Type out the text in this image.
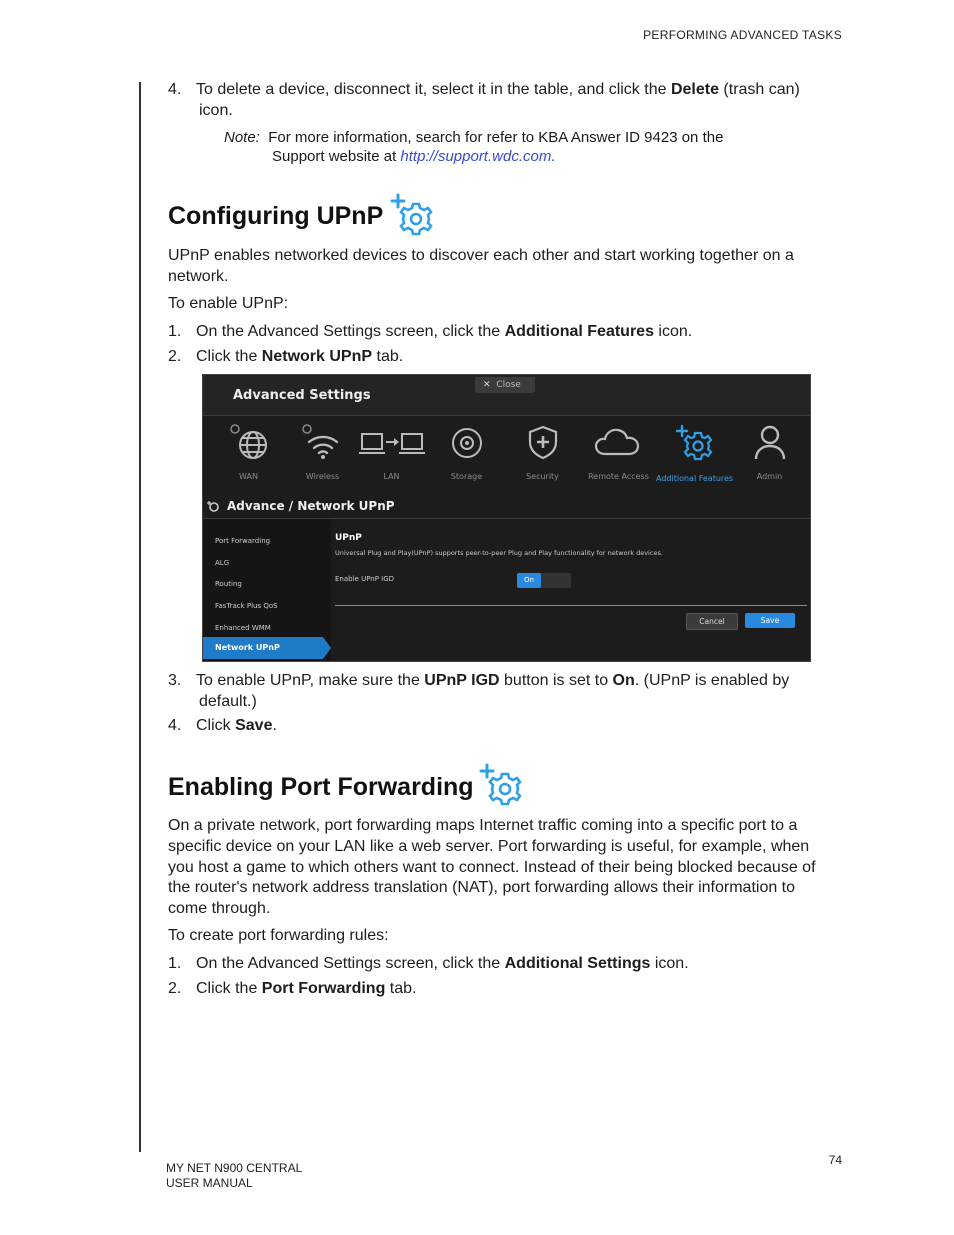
PERFORMING ADVANCED TASKS
4. To delete a device, disconnect it, select it in the table, and click the Delete (trash can)
icon.
Note: For more information, search for refer to KBA Answer ID 9423 on the
Support website at http://support.wdc.com.
Configuring UPnP
UPnP enables networked devices to discover each other and start working together on a
network.
To enable UPnP:
1. On the Advanced Settings screen, click the Additional Features icon.
2. Click the Network UPnP tab.
Advanced Settings
✕ Close
WAN	Wireless	LAN	Storage	Security	Remote Access Additional Features	Admin
Advance / Network UPnP
Port Forwarding
ALG
Routing
FasTrack Plus QoS
Enhanced WMM
Network UPnP
UPnP
Universal Plug and Play(UPnP) supports peer-to-peer Plug and Play functionality for network devices.
Enable UPnP IGD	On
Cancel	Save
3. To enable UPnP, make sure the UPnP IGD button is set to On. (UPnP is enabled by
default.)
4. Click Save.
Enabling Port Forwarding
On a private network, port forwarding maps Internet traffic coming into a specific port to a
specific device on your LAN like a web server. Port forwarding is useful, for example, when
you host a game to which others want to connect. Instead of their being blocked because of
the router's network address translation (NAT), port forwarding allows their information to
come through.
To create port forwarding rules:
1. On the Advanced Settings screen, click the Additional Settings icon.
2. Click the Port Forwarding tab.
74
MY NET N900 CENTRAL
USER MANUAL
